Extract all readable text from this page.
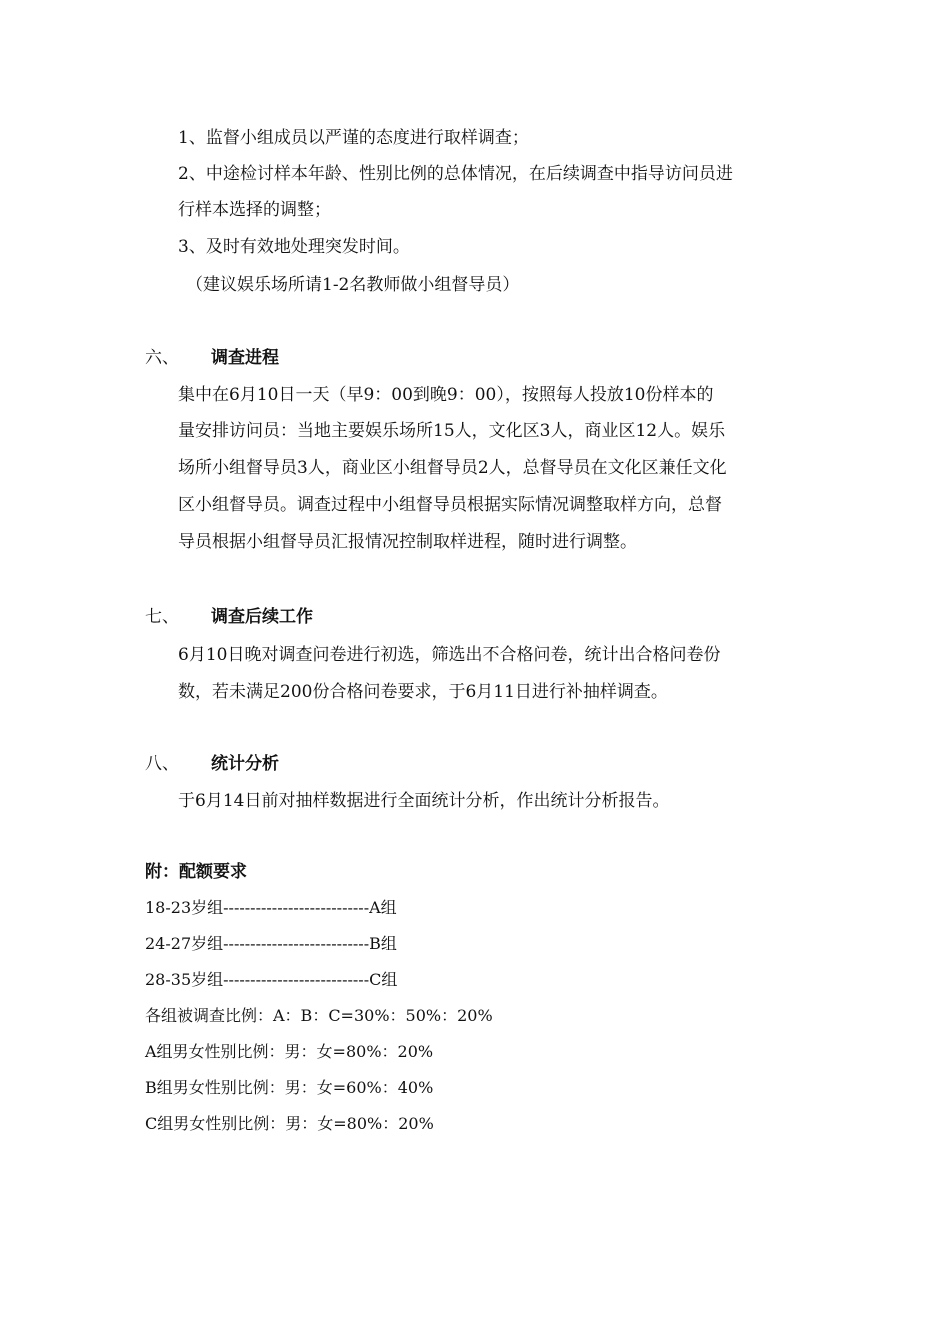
1、监督小组成员以严谨的态度进行取样调查；
2、中途检讨样本年龄、性别比例的总体情况，在后续调查中指导访问员进
行样本选择的调整；
3、及时有效地处理突发时间。
（建议娱乐场所请1-2名教师做小组督导员）
六、 调查进程
集中在6月10日一天（早9：00到晚9：00），按照每人投放10份样本的
量安排访问员：当地主要娱乐场所15人，文化区3人，商业区12人。娱乐
场所小组督导员3人，商业区小组督导员2人，总督导员在文化区兼任文化
区小组督导员。调查过程中小组督导员根据实际情况调整取样方向，总督
导员根据小组督导员汇报情况控制取样进程，随时进行调整。
七、 调查后续工作
6月10日晚对调查问卷进行初选，筛选出不合格问卷，统计出合格问卷份
数，若未满足200份合格问卷要求，于6月11日进行补抽样调查。
八、 统计分析
于6月14日前对抽样数据进行全面统计分析，作出统计分析报告。
附：配额要求
18-23岁组---------------------------A组
24-27岁组---------------------------B组
28-35岁组---------------------------C组
各组被调查比例：A：B：C=30%：50%：20%
A组男女性别比例：男：女=80%：20%
B组男女性别比例：男：女=60%：40%
C组男女性别比例：男：女=80%：20%
